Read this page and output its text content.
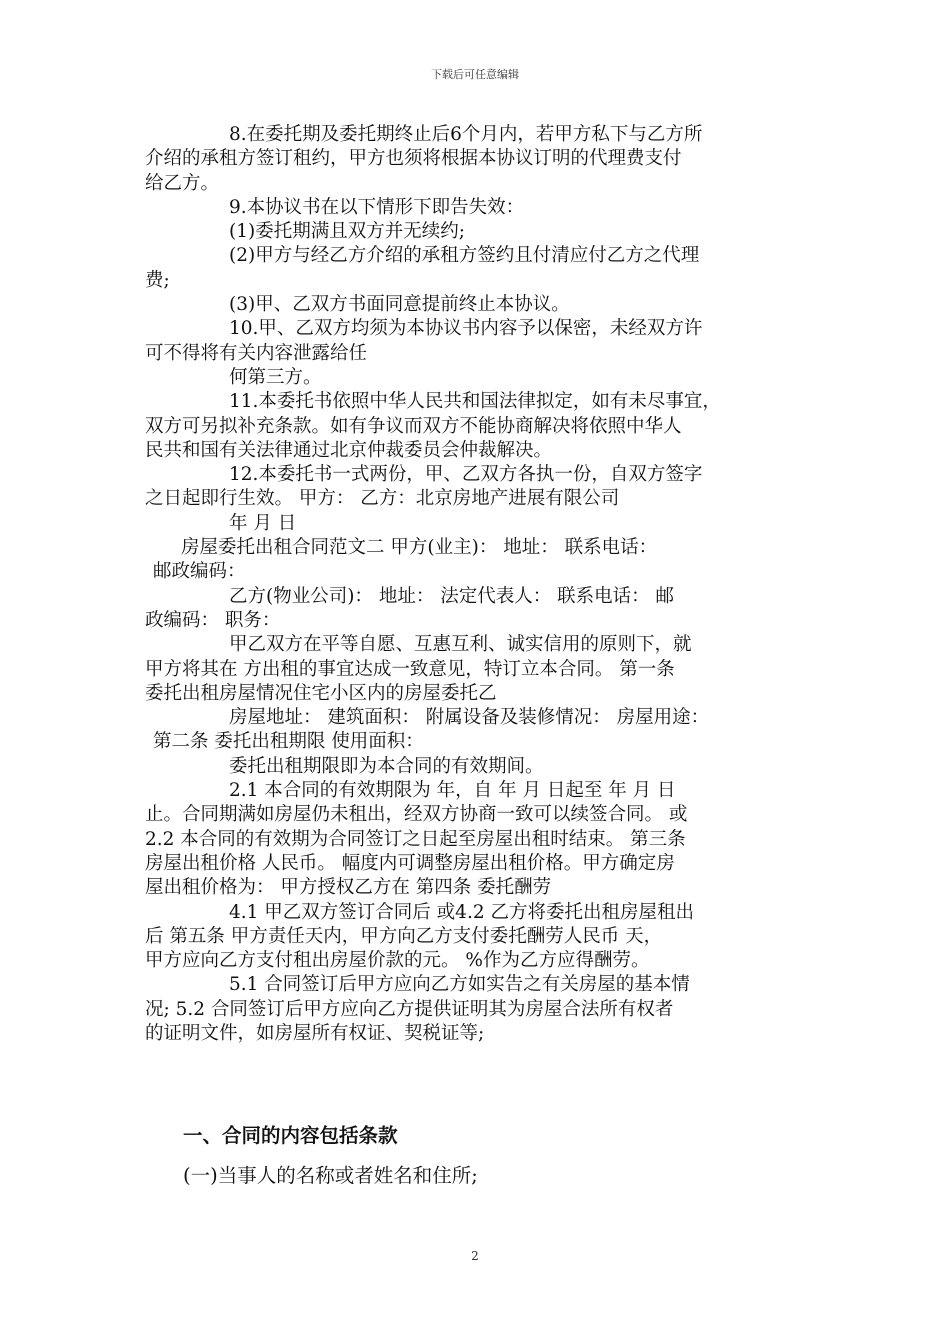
下载后可任意编辑

8.在委托期及委托期终止后6个月内，若甲方私下与乙方所

介绍的承租方签订租约，甲方也须将根据本协议订明的代理费支付

给乙方。

9.本协议书在以下情形下即告失效：

(1)委托期满且双方并无续约;

(2)甲方与经乙方介绍的承租方签约且付清应付乙方之代理

费;

(3)甲、乙双方书面同意提前终止本协议。

10.甲、乙双方均须为本协议书内容予以保密，未经双方许

可不得将有关内容泄露给任

何第三方。

11.本委托书依照中华人民共和国法律拟定，如有未尽事宜，

双方可另拟补充条款。如有争议而双方不能协商解决将依照中华人

民共和国有关法律通过北京仲裁委员会仲裁解决。

12.本委托书一式两份，甲、乙双方各执一份，自双方签字

之日起即行生效。 甲方： 乙方：北京房地产进展有限公司

年 月 日

房屋委托出租合同范文二 甲方(业主)： 地址： 联系电话：

邮政编码：

乙方(物业公司)： 地址： 法定代表人： 联系电话： 邮

政编码： 职务：

甲乙双方在平等自愿、互惠互利、诚实信用的原则下，就

甲方将其在 方出租的事宜达成一致意见，特订立本合同。 第一条

委托出租房屋情况住宅小区内的房屋委托乙

房屋地址： 建筑面积： 附属设备及装修情况： 房屋用途：

第二条 委托出租期限 使用面积：

委托出租期限即为本合同的有效期间。

2.1 本合同的有效期限为 年，自 年 月 日起至 年 月 日

止。合同期满如房屋仍未租出，经双方协商一致可以续签合同。 或

2.2 本合同的有效期为合同签订之日起至房屋出租时结束。 第三条

房屋出租价格 人民币。 幅度内可调整房屋出租价格。甲方确定房

屋出租价格为： 甲方授权乙方在 第四条 委托酬劳

4.1 甲乙双方签订合同后 或4.2 乙方将委托出租房屋租出

后 第五条 甲方责任天内，甲方向乙方支付委托酬劳人民币 天，

甲方应向乙方支付租出房屋价款的元。 %作为乙方应得酬劳。

5.1 合同签订后甲方应向乙方如实告之有关房屋的基本情

况; 5.2 合同签订后甲方应向乙方提供证明其为房屋合法所有权者

的证明文件，如房屋所有权证、契税证等;

一、合同的内容包括条款
(一)当事人的名称或者姓名和住所;
2
